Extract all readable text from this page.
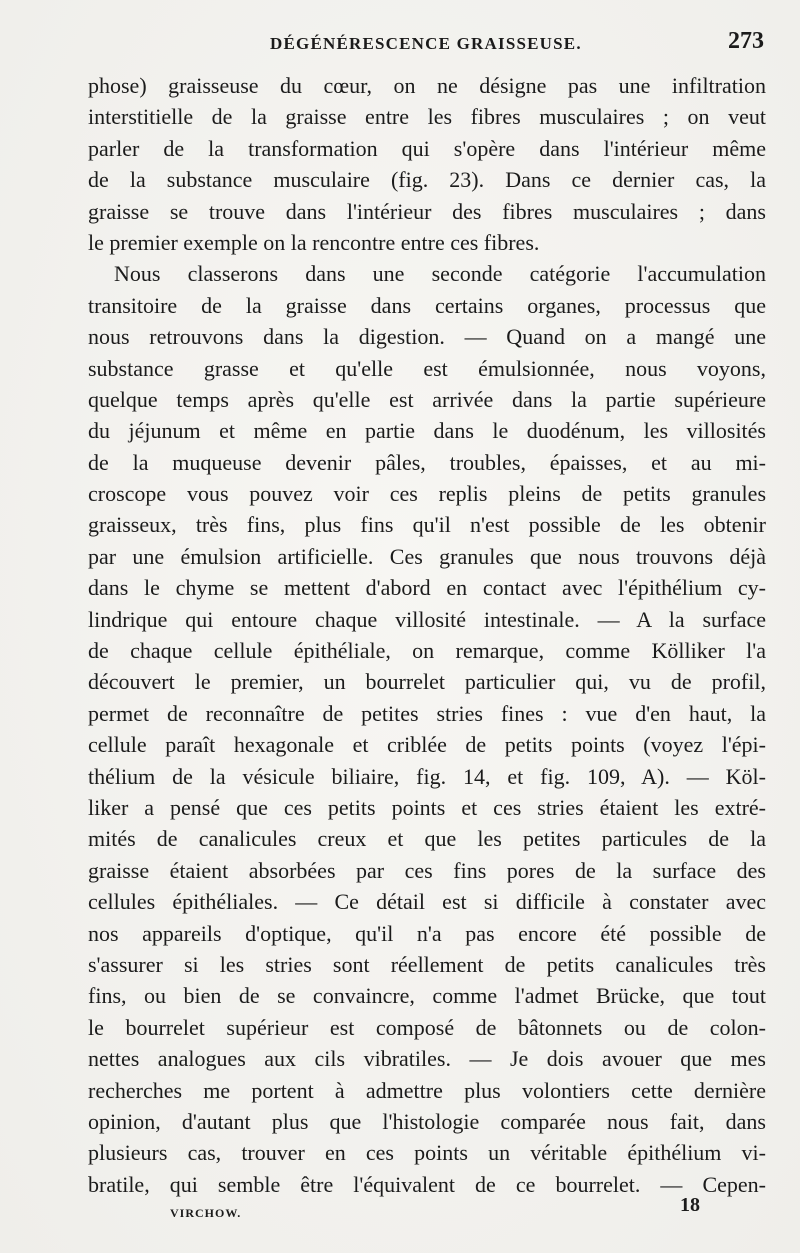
DÉGÉNÉRESCENCE GRAISSEUSE.	273
phose) graisseuse du cœur, on ne désigne pas une infiltration
interstitielle de la graisse entre les fibres musculaires ; on veut
parler de la transformation qui s'opère dans l'intérieur même
de la substance musculaire (fig. 23). Dans ce dernier cas, la
graisse se trouve dans l'intérieur des fibres musculaires ; dans
le premier exemple on la rencontre entre ces fibres.
Nous classerons dans une seconde catégorie l'accumulation
transitoire de la graisse dans certains organes, processus que
nous retrouvons dans la digestion. — Quand on a mangé une
substance grasse et qu'elle est émulsionnée, nous voyons,
quelque temps après qu'elle est arrivée dans la partie supérieure
du jéjunum et même en partie dans le duodénum, les villosités
de la muqueuse devenir pâles, troubles, épaisses, et au mi-
croscope vous pouvez voir ces replis pleins de petits granules
graisseux, très fins, plus fins qu'il n'est possible de les obtenir
par une émulsion artificielle. Ces granules que nous trouvons déjà
dans le chyme se mettent d'abord en contact avec l'épithélium cy-
lindrique qui entoure chaque villosité intestinale. — A la surface
de chaque cellule épithéliale, on remarque, comme Kölliker l'a
découvert le premier, un bourrelet particulier qui, vu de profil,
permet de reconnaître de petites stries fines : vue d'en haut, la
cellule paraît hexagonale et criblée de petits points (voyez l'épi-
thélium de la vésicule biliaire, fig. 14, et fig. 109, A). — Köl-
liker a pensé que ces petits points et ces stries étaient les extré-
mités de canalicules creux et que les petites particules de la
graisse étaient absorbées par ces fins pores de la surface des
cellules épithéliales. — Ce détail est si difficile à constater avec
nos appareils d'optique, qu'il n'a pas encore été possible de
s'assurer si les stries sont réellement de petits canalicules très
fins, ou bien de se convaincre, comme l'admet Brücke, que tout
le bourrelet supérieur est composé de bâtonnets ou de colon-
nettes analogues aux cils vibratiles. — Je dois avouer que mes
recherches me portent à admettre plus volontiers cette dernière
opinion, d'autant plus que l'histologie comparée nous fait, dans
plusieurs cas, trouver en ces points un véritable épithélium vi-
bratile, qui semble être l'équivalent de ce bourrelet. — Cepen-
VIRCHOW.	18
